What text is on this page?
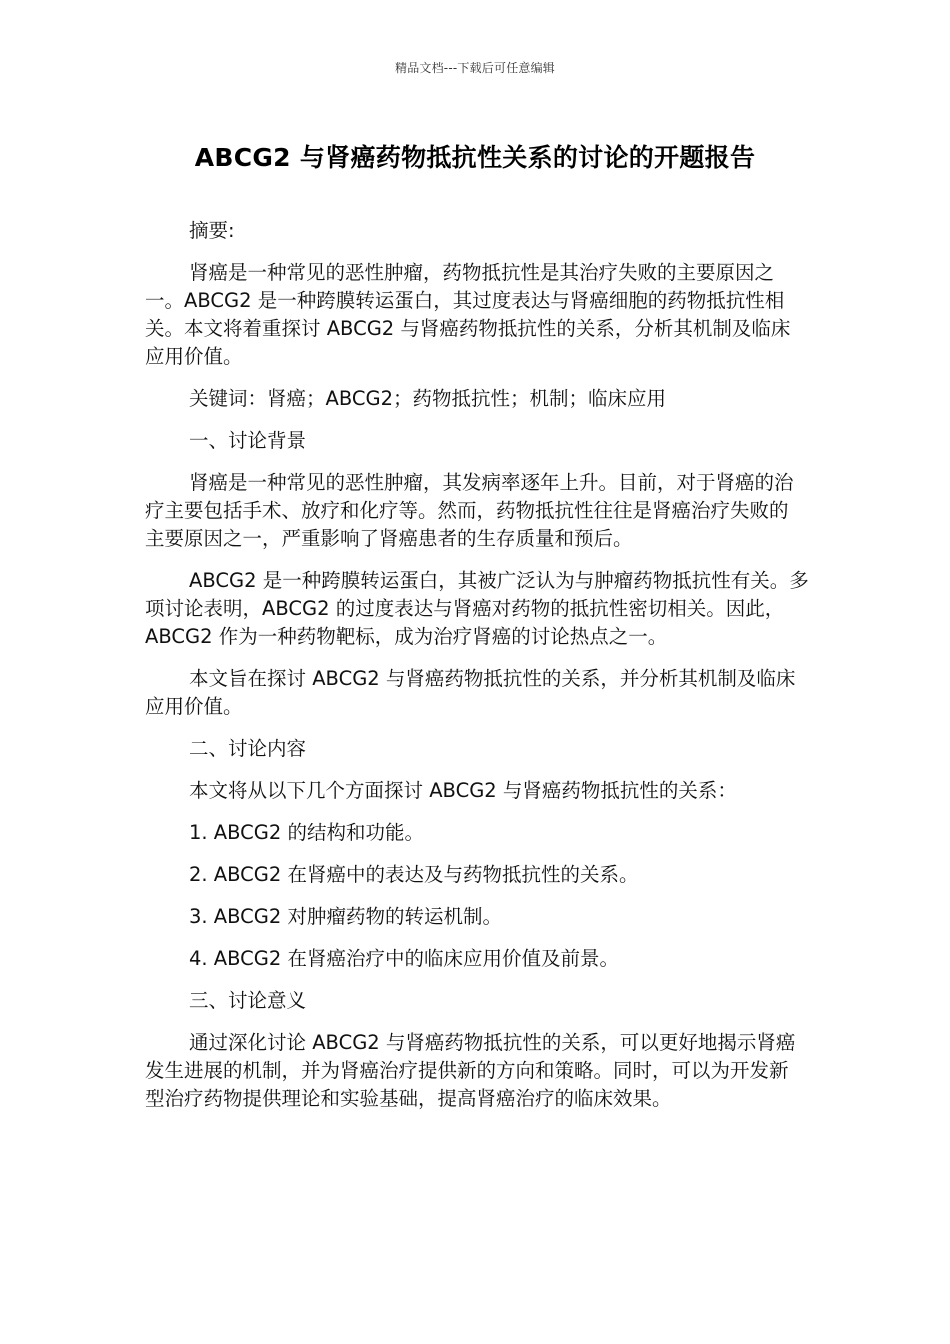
精品文档---下载后可任意编辑
ABCG2 与肾癌药物抵抗性关系的讨论的开题报告

摘要:

肾癌是一种常见的恶性肿瘤，药物抵抗性是其治疗失败的主要原因之一。ABCG2 是一种跨膜转运蛋白，其过度表达与肾癌细胞的药物抵抗性相关。本文将着重探讨 ABCG2 与肾癌药物抵抗性的关系，分析其机制及临床应用价值。

关键词：肾癌；ABCG2；药物抵抗性；机制；临床应用

一、讨论背景

肾癌是一种常见的恶性肿瘤，其发病率逐年上升。目前，对于肾癌的治疗主要包括手术、放疗和化疗等。然而，药物抵抗性往往是肾癌治疗失败的主要原因之一，严重影响了肾癌患者的生存质量和预后。

ABCG2 是一种跨膜转运蛋白，其被广泛认为与肿瘤药物抵抗性有关。多项讨论表明，ABCG2 的过度表达与肾癌对药物的抵抗性密切相关。因此，ABCG2 作为一种药物靶标，成为治疗肾癌的讨论热点之一。

本文旨在探讨 ABCG2 与肾癌药物抵抗性的关系，并分析其机制及临床应用价值。

二、讨论内容

本文将从以下几个方面探讨 ABCG2 与肾癌药物抵抗性的关系：

1. ABCG2 的结构和功能。

2. ABCG2 在肾癌中的表达及与药物抵抗性的关系。

3. ABCG2 对肿瘤药物的转运机制。

4. ABCG2 在肾癌治疗中的临床应用价值及前景。

三、讨论意义

通过深化讨论 ABCG2 与肾癌药物抵抗性的关系，可以更好地揭示肾癌发生进展的机制，并为肾癌治疗提供新的方向和策略。同时，可以为开发新型治疗药物提供理论和实验基础，提高肾癌治疗的临床效果。
